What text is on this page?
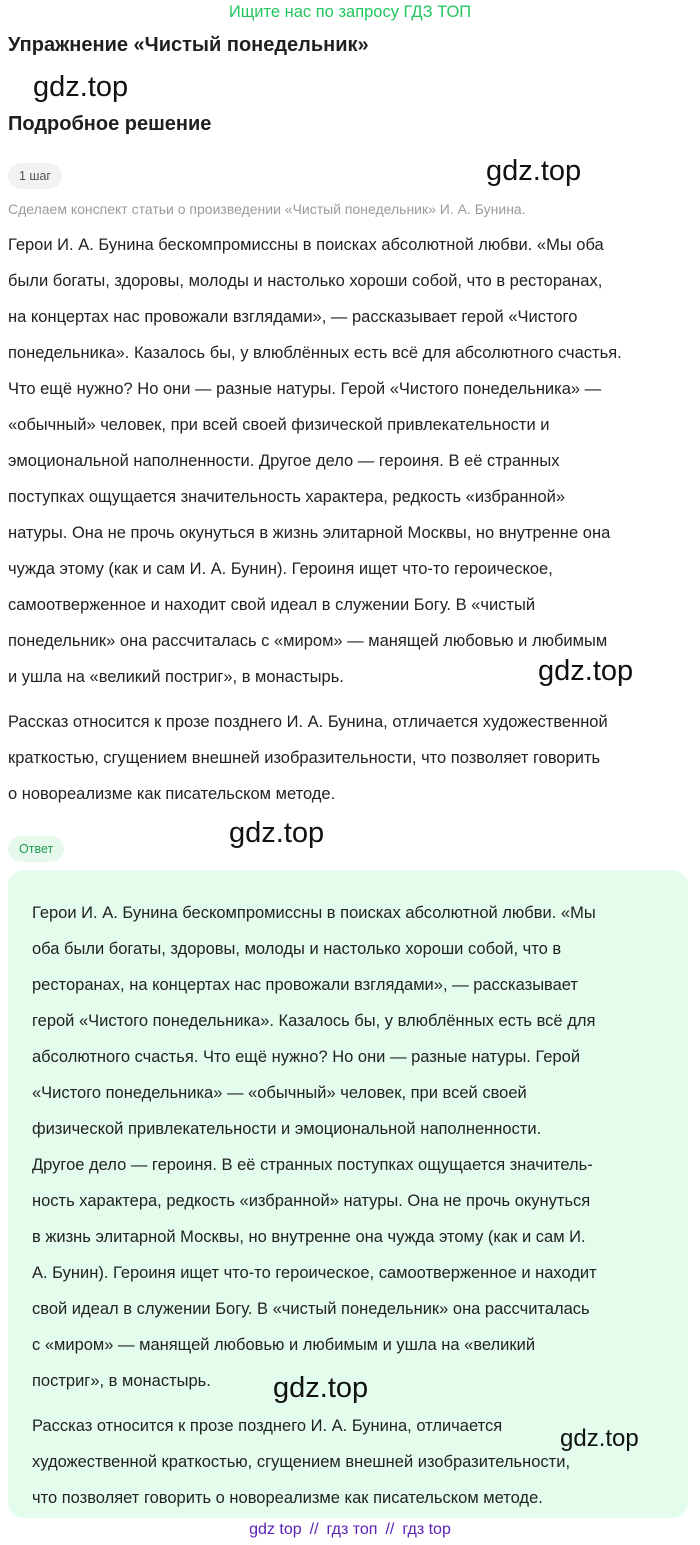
Ищите нас по запросу ГДЗ ТОП
Упражнение «Чистый понедельник»
gdz.top
Подробное решение
1 шаг	gdz.top
Сделаем конспект статьи о произведении «Чистый понедельник» И. А. Бунина.
Герои И. А. Бунина бескомпромиссны в поисках абсолютной любви. «Мы оба
были богаты, здоровы, молоды и настолько хороши собой, что в ресторанах,
на концертах нас провожали взглядами», — рассказывает герой «Чистого
понедельника». Казалось бы, у влюблённых есть всё для абсолютного счастья.
Что ещё нужно? Но они — разные натуры. Герой «Чистого понедельника» —
«обычный» человек, при всей своей физической привлекательности и
эмоциональной наполненности. Другое дело — героиня. В её странных
поступках ощущается значительность характера, редкость «избранной»
натуры. Она не прочь окунуться в жизнь элитарной Москвы, но внутренне она
чужда этому (как и сам И. А. Бунин). Героиня ищет что-то героическое,
самоотверженное и находит свой идеал в служении Богу. В «чистый
понедельник» она рассчиталась с «миром» — манящей любовью и любимым
и ушла на «великий постриг», в монастырь.	gdz.top
Рассказ относится к прозе позднего И. А. Бунина, отличается художественной
краткостью, сгущением внешней изобразительности, что позволяет говорить
о новореализме как писательском методе.
gdz.top
Ответ
Герои И. А. Бунина бескомпромиссны в поисках абсолютной любви. «Мы
оба были богаты, здоровы, молоды и настолько хороши собой, что в
ресторанах, на концертах нас провожали взглядами», — рассказывает
герой «Чистого понедельника». Казалось бы, у влюблённых есть всё для
абсолютного счастья. Что ещё нужно? Но они — разные натуры. Герой
«Чистого понедельника» — «обычный» человек, при всей своей
физической привлекательности и эмоциональной наполненности.
Другое дело — героиня. В её странных поступках ощущается значитель-
ность характера, редкость «избранной» натуры. Она не прочь окунуться
в жизнь элитарной Москвы, но внутренне она чужда этому (как и сам И.
А. Бунин). Героиня ищет что-то героическое, самоотверженное и находит
свой идеал в служении Богу. В «чистый понедельник» она рассчиталась
с «миром» — манящей любовью и любимым и ушла на «великий
постриг», в монастырь.	gdz.top
Рассказ относится к прозе позднего И. А. Бунина, отличается
художественной краткостью, сгущением внешней изобразительности,
что позволяет говорить о новореализме как писательском методе.
gdz.top
gdz top // гдз топ // гдз top
